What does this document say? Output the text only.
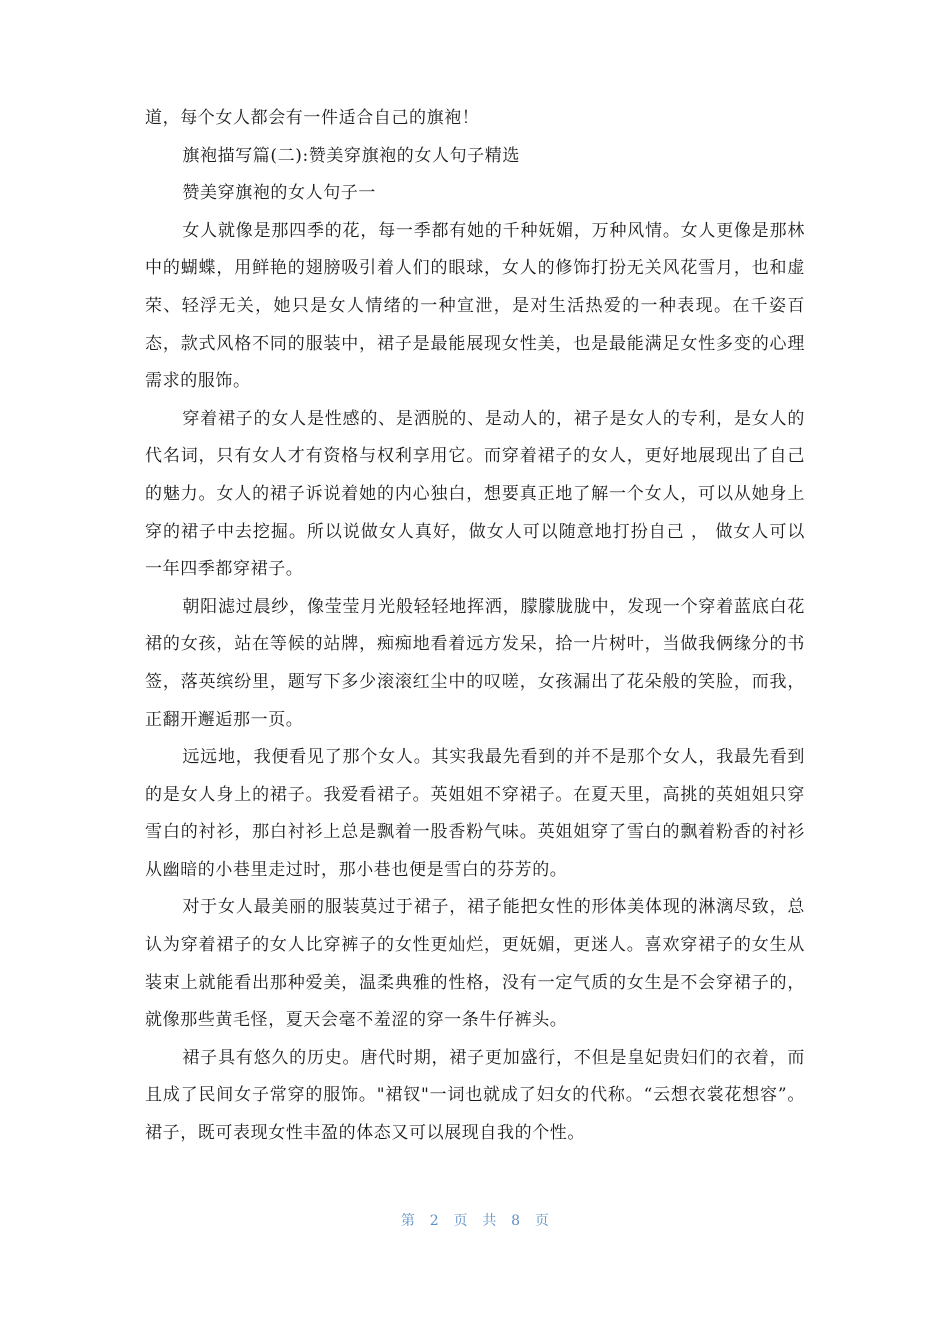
道，每个女人都会有一件适合自己的旗袍！

旗袍描写篇(二):赞美穿旗袍的女人句子精选

赞美穿旗袍的女人句子一

女人就像是那四季的花，每一季都有她的千种妩媚，万种风情。女人更像是那林中的蝴蝶，用鲜艳的翅膀吸引着人们的眼球，女人的修饰打扮无关风花雪月，也和虚荣、轻浮无关，她只是女人情绪的一种宣泄，是对生活热爱的一种表现。在千姿百态，款式风格不同的服装中，裙子是最能展现女性美，也是最能满足女性多变的心理需求的服饰。

穿着裙子的女人是性感的、是洒脱的、是动人的，裙子是女人的专利，是女人的代名词，只有女人才有资格与权利享用它。而穿着裙子的女人，更好地展现出了自己的魅力。女人的裙子诉说着她的内心独白，想要真正地了解一个女人，可以从她身上穿的裙子中去挖掘。所以说做女人真好，做女人可以随意地打扮自己 ， 做女人可以一年四季都穿裙子。

朝阳滤过晨纱，像莹莹月光般轻轻地挥洒，朦朦胧胧中，发现一个穿着蓝底白花裙的女孩，站在等候的站牌，痴痴地看着远方发呆，拾一片树叶，当做我俩缘分的书签，落英缤纷里，题写下多少滚滚红尘中的叹嗟，女孩漏出了花朵般的笑脸，而我，正翻开邂逅那一页。

远远地，我便看见了那个女人。其实我最先看到的并不是那个女人，我最先看到的是女人身上的裙子。我爱看裙子。英姐姐不穿裙子。在夏天里，高挑的英姐姐只穿雪白的衬衫，那白衬衫上总是飘着一股香粉气味。英姐姐穿了雪白的飘着粉香的衬衫从幽暗的小巷里走过时，那小巷也便是雪白的芬芳的。

对于女人最美丽的服装莫过于裙子，裙子能把女性的形体美体现的淋漓尽致，总认为穿着裙子的女人比穿裤子的女性更灿烂，更妩媚，更迷人。喜欢穿裙子的女生从装束上就能看出那种爱美，温柔典雅的性格，没有一定气质的女生是不会穿裙子的，就像那些黄毛怪，夏天会毫不羞涩的穿一条牛仔裤头。

裙子具有悠久的历史。唐代时期，裙子更加盛行，不但是皇妃贵妇们的衣着，而且成了民间女子常穿的服饰。"裙钗"一词也就成了妇女的代称。“云想衣裳花想容”。裙子，既可表现女性丰盈的体态又可以展现自我的个性。

第 2 页 共 8 页
